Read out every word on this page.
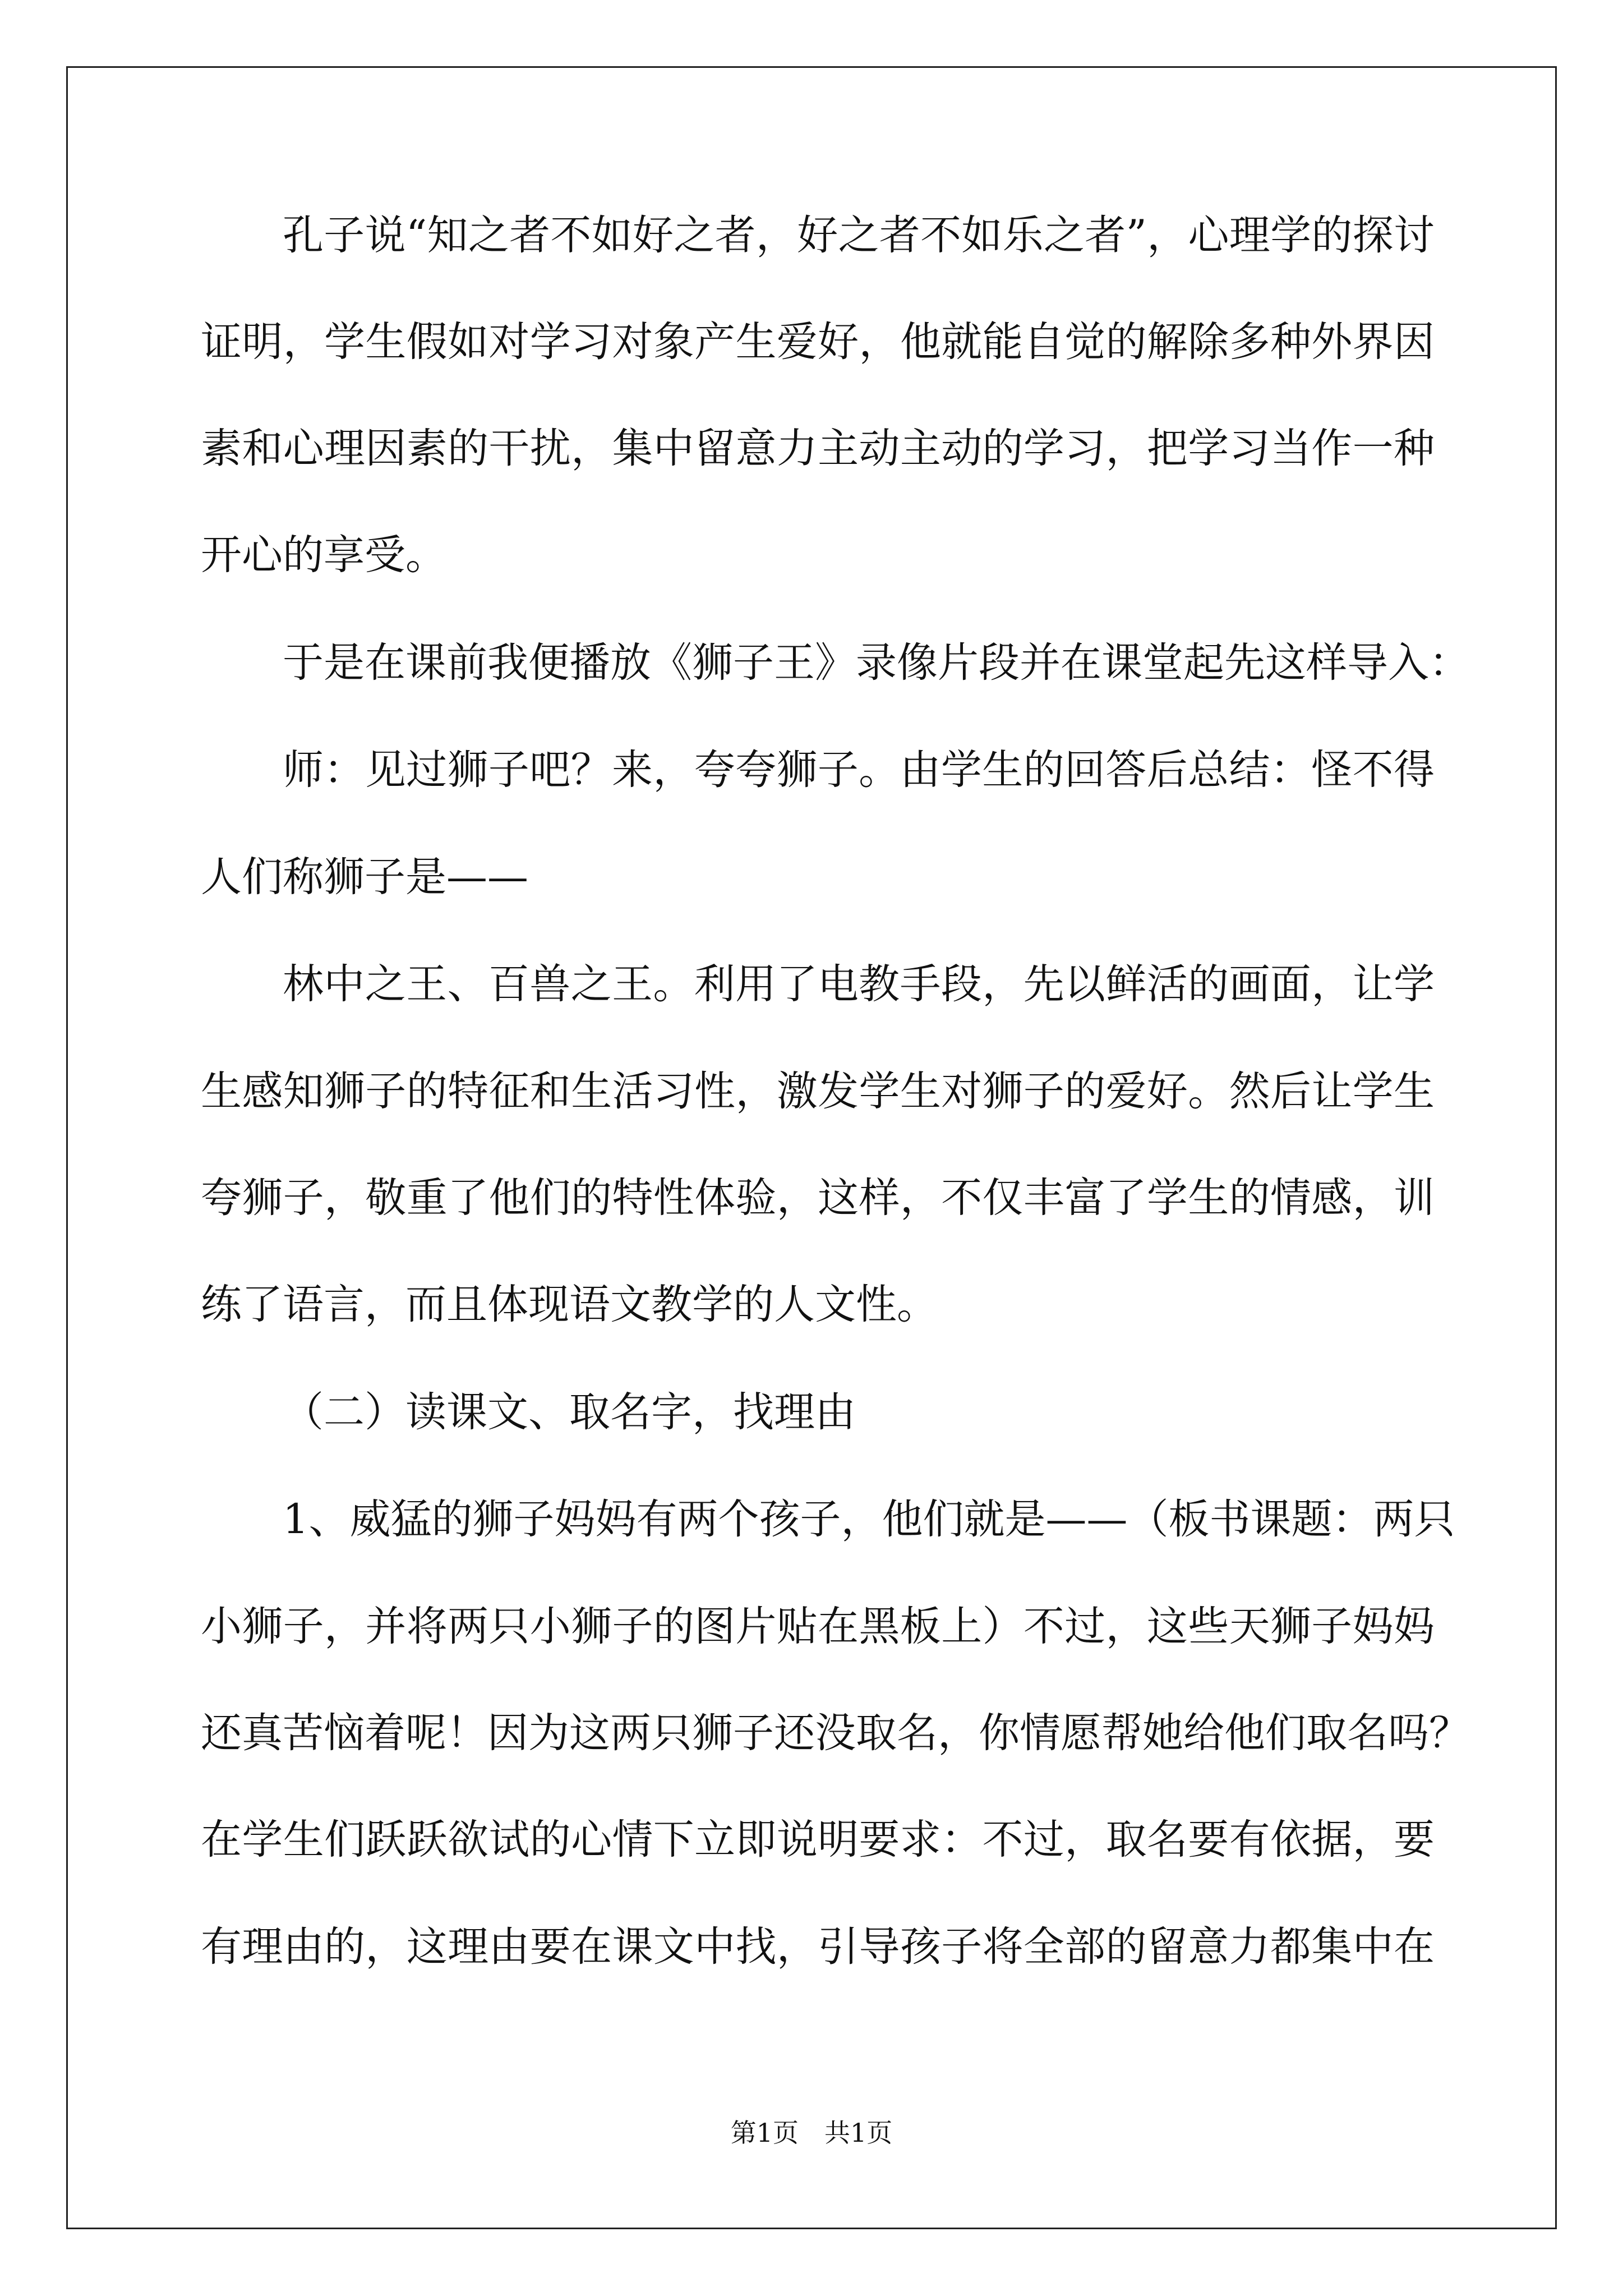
孔子说“知之者不如好之者，好之者不如乐之者”，心理学的探讨
证明，学生假如对学习对象产生爱好，他就能自觉的解除多种外界因
素和心理因素的干扰，集中留意力主动主动的学习，把学习当作一种
开心的享受。
于是在课前我便播放《狮子王》录像片段并在课堂起先这样导入：
师：见过狮子吧？来，夸夸狮子。由学生的回答后总结：怪不得
人们称狮子是——
林中之王、百兽之王。利用了电教手段，先以鲜活的画面，让学
生感知狮子的特征和生活习性，激发学生对狮子的爱好。然后让学生
夸狮子，敬重了他们的特性体验，这样，不仅丰富了学生的情感，训
练了语言，而且体现语文教学的人文性。
（二）读课文、取名字，找理由
1、威猛的狮子妈妈有两个孩子，他们就是——（板书课题：两只
小狮子，并将两只小狮子的图片贴在黑板上）不过，这些天狮子妈妈
还真苦恼着呢！因为这两只狮子还没取名，你情愿帮她给他们取名吗？
在学生们跃跃欲试的心情下立即说明要求：不过，取名要有依据，要
有理由的，这理由要在课文中找，引导孩子将全部的留意力都集中在
第1页　共1页
